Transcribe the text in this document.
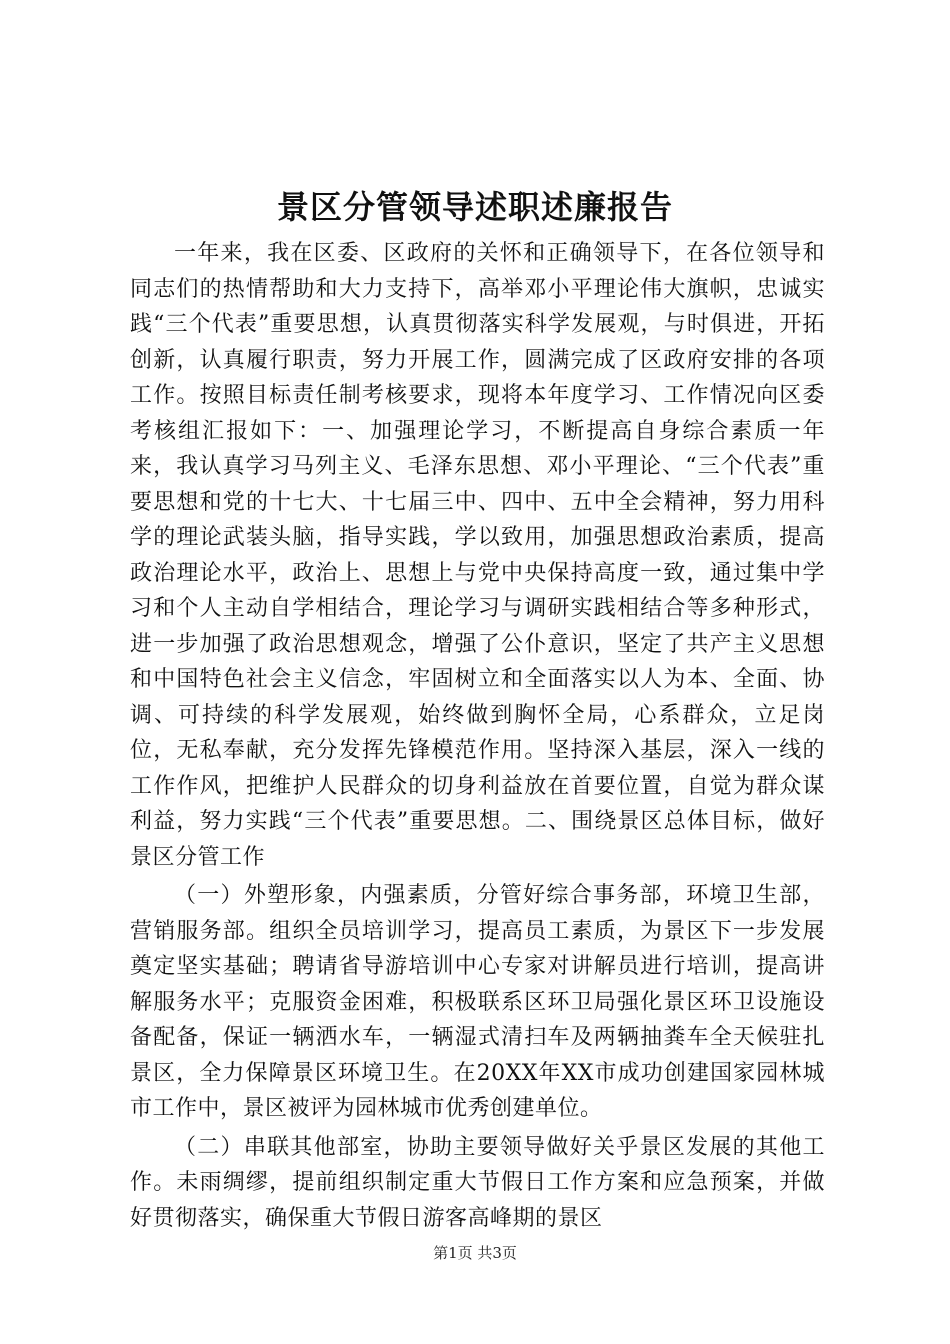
景区分管领导述职述廉报告

一年来，我在区委、区政府的关怀和正确领导下，在各位领导和同志们的热情帮助和大力支持下，高举邓小平理论伟大旗帜，忠诚实践“三个代表”重要思想，认真贯彻落实科学发展观，与时俱进，开拓创新，认真履行职责，努力开展工作，圆满完成了区政府安排的各项工作。按照目标责任制考核要求，现将本年度学习、工作情况向区委考核组汇报如下：一、加强理论学习，不断提高自身综合素质一年来，我认真学习马列主义、毛泽东思想、邓小平理论、“三个代表”重要思想和党的十七大、十七届三中、四中、五中全会精神，努力用科学的理论武装头脑，指导实践，学以致用，加强思想政治素质，提高政治理论水平，政治上、思想上与党中央保持高度一致，通过集中学习和个人主动自学相结合，理论学习与调研实践相结合等多种形式，进一步加强了政治思想观念，增强了公仆意识，坚定了共产主义思想和中国特色社会主义信念，牢固树立和全面落实以人为本、全面、协调、可持续的科学发展观，始终做到胸怀全局，心系群众，立足岗位，无私奉献，充分发挥先锋模范作用。坚持深入基层，深入一线的工作作风，把维护人民群众的切身利益放在首要位置，自觉为群众谋利益，努力实践“三个代表”重要思想。二、围绕景区总体目标，做好景区分管工作

（一）外塑形象，内强素质，分管好综合事务部，环境卫生部，营销服务部。组织全员培训学习，提高员工素质，为景区下一步发展奠定坚实基础；聘请省导游培训中心专家对讲解员进行培训，提高讲解服务水平；克服资金困难，积极联系区环卫局强化景区环卫设施设备配备，保证一辆洒水车，一辆湿式清扫车及两辆抽粪车全天候驻扎景区，全力保障景区环境卫生。在20XX年XX市成功创建国家园林城市工作中，景区被评为园林城市优秀创建单位。

（二）串联其他部室，协助主要领导做好关乎景区发展的其他工作。未雨绸缪，提前组织制定重大节假日工作方案和应急预案，并做好贯彻落实，确保重大节假日游客高峰期的景区

第1页 共3页
